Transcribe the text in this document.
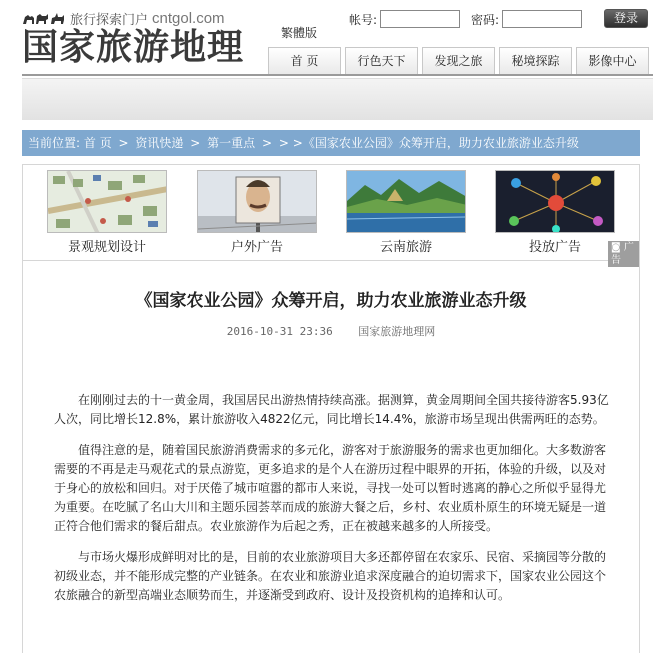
旅行探索门户 cntgol.com
国家旅游地理	繁體版
帐号:	密码:	登录
首 页	行色天下	发现之旅	秘境探踪	影像中心
当前位置: 首 页 > 资讯快递 > 第一重点 > > >《国家农业公园》众筹开启，助力农业旅游业态升级
景观规划设计	户外广告	云南旅游	投放广告	◙ 广告
《国家农业公园》众筹开启，助力农业旅游业态升级
2016-10-31 23:36 国家旅游地理网

在刚刚过去的十一黄金周，我国居民出游热情持续高涨。据测算，黄金周期间全国共接待游客5.93亿人次，同比增长12.8%，累计旅游收入4822亿元，同比增长14.4%，旅游市场呈现出供需两旺的态势。

值得注意的是，随着国民旅游消费需求的多元化，游客对于旅游服务的需求也更加细化。大多数游客需要的不再是走马观花式的景点游览，更多追求的是个人在游历过程中眼界的开拓，体验的升级，以及对于身心的放松和回归。对于厌倦了城市喧嚣的都市人来说，寻找一处可以暂时逃离的静心之所似乎显得尤为重要。在吃腻了名山大川和主题乐园荟萃而成的旅游大餐之后，乡村、农业质朴原生的环境无疑是一道正符合他们需求的餐后甜点。农业旅游作为后起之秀，正在被越来越多的人所接受。

与市场火爆形成鲜明对比的是，目前的农业旅游项目大多还都停留在农家乐、民宿、采摘园等分散的初级业态，并不能形成完整的产业链条。在农业和旅游业追求深度融合的迫切需求下，国家农业公园这个农旅融合的新型高端业态顺势而生，并逐渐受到政府、设计及投资机构的追捧和认可。
